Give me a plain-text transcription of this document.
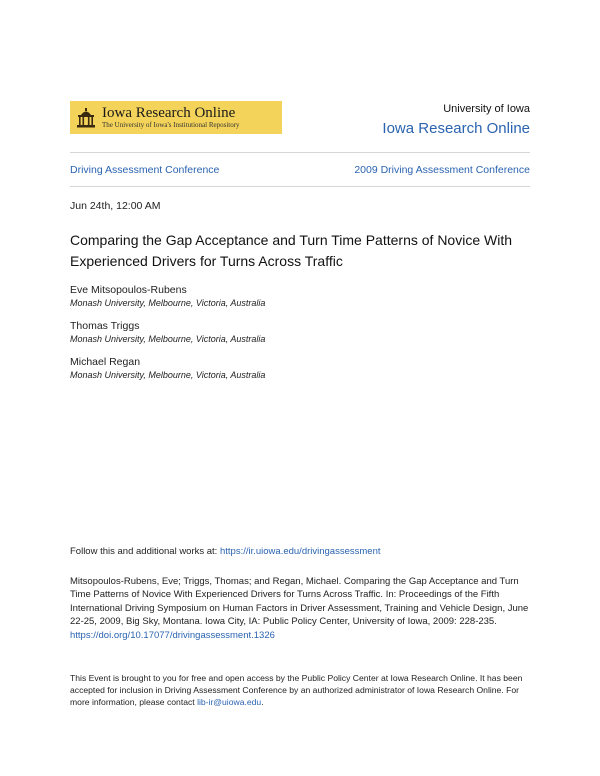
Iowa Research Online
The University of Iowa's Institutional Repository
University of Iowa
Iowa Research Online
Driving Assessment Conference	2009 Driving Assessment Conference
Jun 24th, 12:00 AM
Comparing the Gap Acceptance and Turn Time Patterns of Novice With Experienced Drivers for Turns Across Traffic
Eve Mitsopoulos-Rubens
Monash University, Melbourne, Victoria, Australia
Thomas Triggs
Monash University, Melbourne, Victoria, Australia
Michael Regan
Monash University, Melbourne, Victoria, Australia
Follow this and additional works at: https://ir.uiowa.edu/drivingassessment
Mitsopoulos-Rubens, Eve; Triggs, Thomas; and Regan, Michael. Comparing the Gap Acceptance and Turn Time Patterns of Novice With Experienced Drivers for Turns Across Traffic. In: Proceedings of the Fifth International Driving Symposium on Human Factors in Driver Assessment, Training and Vehicle Design, June 22-25, 2009, Big Sky, Montana. Iowa City, IA: Public Policy Center, University of Iowa, 2009: 228-235.
https://doi.org/10.17077/drivingassessment.1326
This Event is brought to you for free and open access by the Public Policy Center at Iowa Research Online. It has been accepted for inclusion in Driving Assessment Conference by an authorized administrator of Iowa Research Online. For more information, please contact lib-ir@uiowa.edu.
